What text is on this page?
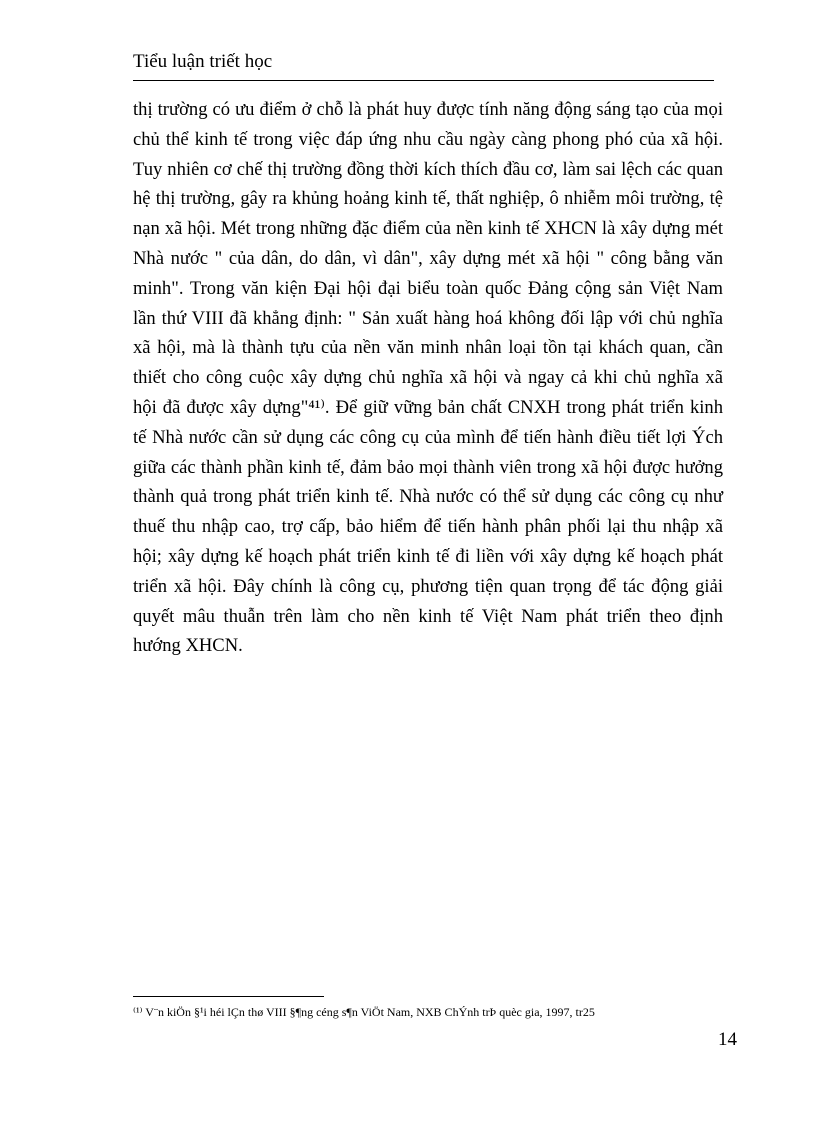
Tiểu luận triết học
thị trường có ưu điểm ở chỗ là phát huy được tính năng động sáng tạo của mọi
chủ thể kinh tế trong việc đáp ứng nhu cầu ngày càng phong phó của xã hội.
Tuy nhiên cơ chế thị trường đồng thời kích thích đầu cơ, làm sai lệch các quan
hệ thị trường, gây ra khủng hoảng kinh tế, thất nghiệp, ô nhiễm môi trường, tệ
nạn xã hội. Mét trong những đặc điểm của nền kinh tế XHCN là xây dựng mét
Nhà nước " của dân, do dân, vì dân", xây dựng mét xã hội " công bằng văn
minh". Trong văn kiện Đại hội đại biểu toàn quốc Đảng cộng sản Việt Nam
lần thứ VIII đã khẳng định: " Sản xuất hàng hoá không đối lập với chủ nghĩa
xã hội, mà là thành tựu của nền văn minh nhân loại tồn tại khách quan, cần
thiết cho công cuộc xây dựng chủ nghĩa xã hội và ngay cả khi chủ nghĩa xã
hội đã được xây dựng"⁴¹⁾. Để giữ vững bản chất CNXH trong phát triển kinh
tế Nhà nước cần sử dụng các công cụ của mình để tiến hành điều tiết lợi Ých
giữa các thành phần kinh tế, đảm bảo mọi thành viên trong xã hội được hưởng
thành quả trong phát triển kinh tế. Nhà nước có thể sử dụng các công cụ như
thuế thu nhập cao, trợ cấp, bảo hiểm để tiến hành phân phối lại thu nhập xã
hội; xây dựng kế hoạch phát triển kinh tế đi liền với xây dựng kế hoạch phát
triển xã hội. Đây chính là công cụ, phương tiện quan trọng để tác động giải
quyết mâu thuẫn trên làm cho nền kinh tế Việt Nam phát triển theo định
hướng XHCN.
⁽¹⁾ V¨n kiÖn §¹i héi lÇn thø VIII §¶ng céng s¶n ViÖt Nam, NXB ChÝnh trÞ quèc gia, 1997, tr25
14
